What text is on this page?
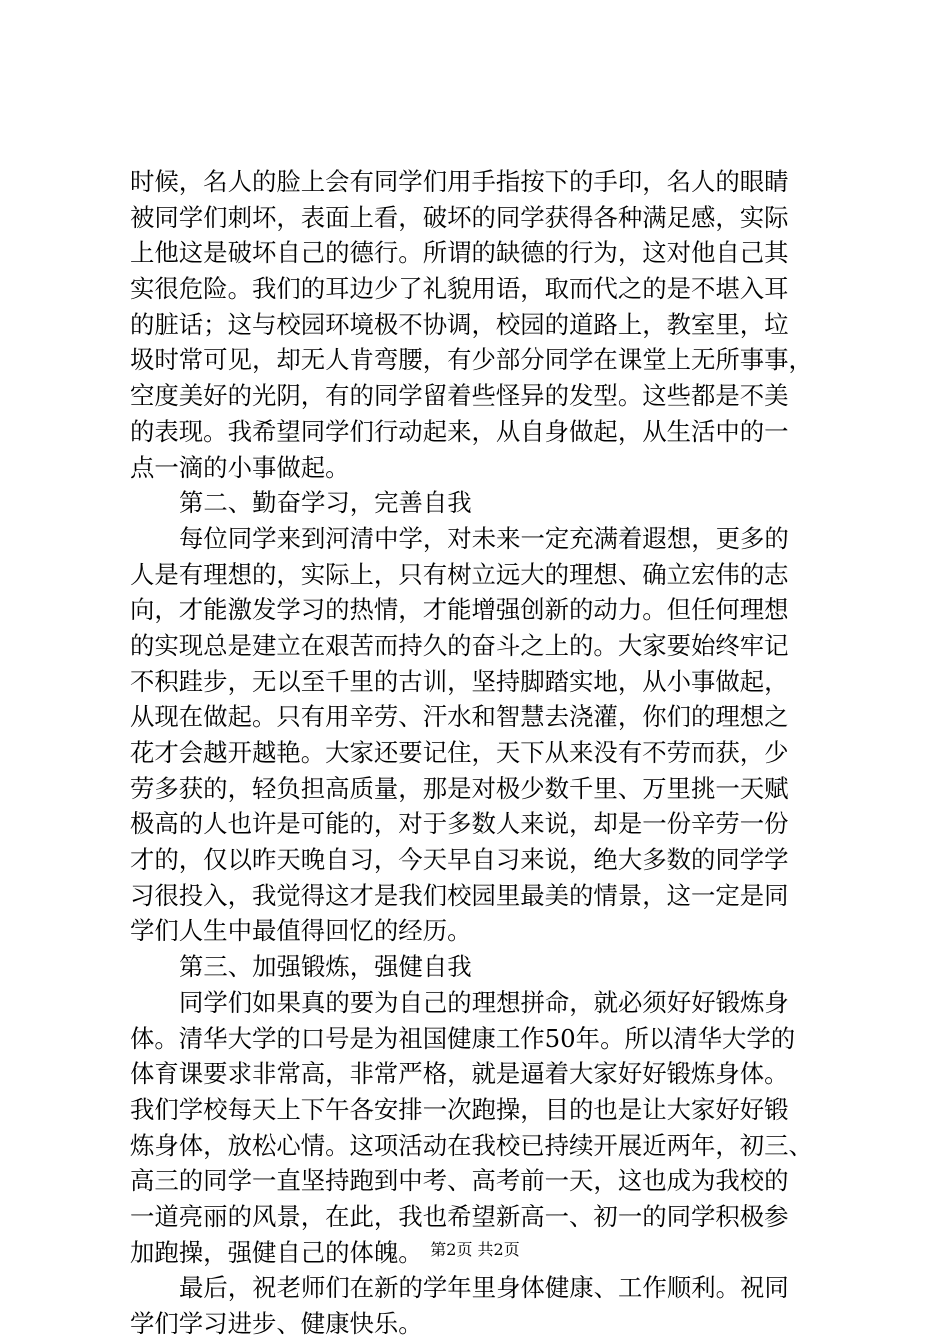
时候，名人的脸上会有同学们用手指按下的手印，名人的眼睛
被同学们刺坏，表面上看，破坏的同学获得各种满足感，实际
上他这是破坏自己的德行。所谓的缺德的行为，这对他自己其
实很危险。我们的耳边少了礼貌用语，取而代之的是不堪入耳
的脏话；这与校园环境极不协调，校园的道路上，教室里，垃
圾时常可见，却无人肯弯腰，有少部分同学在课堂上无所事事，
空度美好的光阴，有的同学留着些怪异的发型。这些都是不美
的表现。我希望同学们行动起来，从自身做起，从生活中的一
点一滴的小事做起。
第二、勤奋学习，完善自我
每位同学来到河清中学，对未来一定充满着遐想，更多的
人是有理想的，实际上，只有树立远大的理想、确立宏伟的志
向，才能激发学习的热情，才能增强创新的动力。但任何理想
的实现总是建立在艰苦而持久的奋斗之上的。大家要始终牢记
不积跬步，无以至千里的古训，坚持脚踏实地，从小事做起，
从现在做起。只有用辛劳、汗水和智慧去浇灌，你们的理想之
花才会越开越艳。大家还要记住，天下从来没有不劳而获，少
劳多获的，轻负担高质量，那是对极少数千里、万里挑一天赋
极高的人也许是可能的，对于多数人来说，却是一份辛劳一份
才的，仅以昨天晚自习，今天早自习来说，绝大多数的同学学
习很投入，我觉得这才是我们校园里最美的情景，这一定是同
学们人生中最值得回忆的经历。
第三、加强锻炼，强健自我
同学们如果真的要为自己的理想拼命，就必须好好锻炼身
体。清华大学的口号是为祖国健康工作50年。所以清华大学的
体育课要求非常高，非常严格，就是逼着大家好好锻炼身体。
我们学校每天上下午各安排一次跑操，目的也是让大家好好锻
炼身体，放松心情。这项活动在我校已持续开展近两年，初三、
高三的同学一直坚持跑到中考、高考前一天，这也成为我校的
一道亮丽的风景，在此，我也希望新高一、初一的同学积极参
加跑操，强健自己的体魄。
最后，祝老师们在新的学年里身体健康、工作顺利。祝同
学们学习进步、健康快乐。
第2页 共2页
